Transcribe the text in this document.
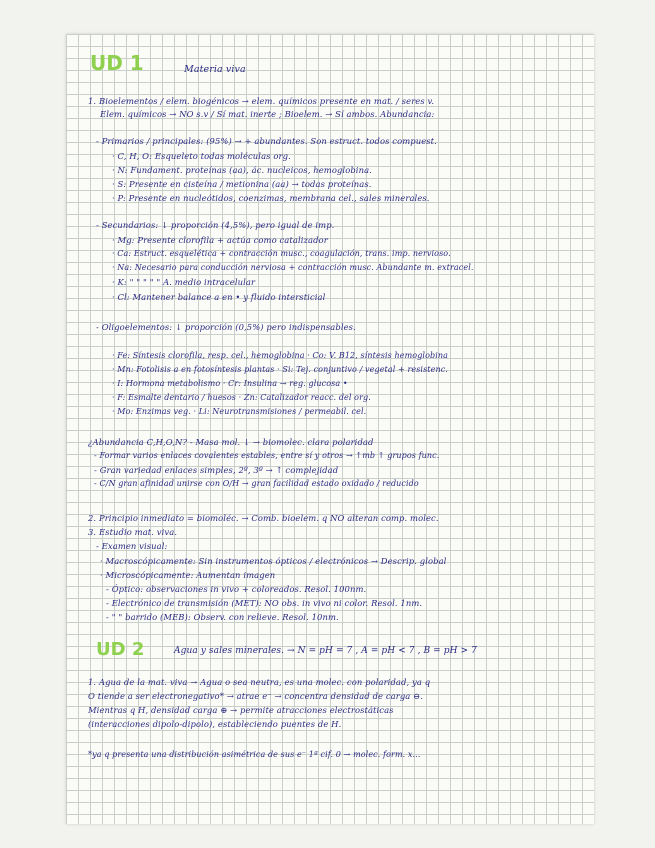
UD 1	Materia viva
1. Bioelementos / elem. biogénicos → elem. químicos presente en mat. / seres v.
Elem. químicos → NO s.v / Sí mat. inerte ; Bioelem. → Sí ambos. Abundancia:
- Primarios / principales: (95%) → + abundantes. Son estruct. todos compuest.
· C, H, O: Esqueleto todas moléculas org.
· N: Fundament. proteínas (aa), ác. nucleicos, hemoglobina.
· S: Presente en cisteína / metionina (aa) → todas proteínas.
· P: Presente en nucleótidos, coenzimas, membrana cel., sales minerales.
- Secundarios: ↓ proporción (4,5%), pero igual de imp.
· Mg: Presente clorofila + actúa como catalizador
· Ca: Estruct. esquelética + contracción musc., coagulación, trans. imp. nervioso.
· Na: Necesario para conducción nerviosa + contracción musc. Abundante m. extracel.
· K: " " " " " A. medio intracelular
· Cl: Mantener balance a en • y fluido intersticial
- Oligoelementos: ↓ proporción (0,5%) pero indispensables.
· Fe: Síntesis clorofila, resp. cel., hemoglobina · Co: V. B12, síntesis hemoglobina
· Mn: Fotolisis a en fotosíntesis plantas · Si: Tej. conjuntivo / vegetal + resistenc.
· I: Hormona metabolismo · Cr: Insulina → reg. glucosa •
· F: Esmalte dentario / huesos · Zn: Catalizador reacc. del org.
· Mo: Enzimas veg. · Li: Neurotransmisiones / permeabil. cel.
¿Abundancia C,H,O,N? - Masa mol. ↓ → biomolec. clara polaridad
- Formar varios enlaces covalentes estables, entre sí y otros → ↑mb ↑ grupos func.
- Gran variedad enlaces simples, 2º, 3º → ↑ complejidad
- C/N gran afinidad unirse con O/H → gran facilidad estado oxidado / reducido
2. Principio inmediato = biomoléc. → Comb. bioelem. q NO alteran comp. molec.
3. Estudio mat. viva.
- Examen visual:
· Macroscópicamente: Sin instrumentos ópticos / electrónicos → Descrip. global
· Microscópicamente: Aumentan imagen
- Óptico: observaciones in vivo + coloreados. Resol. 100nm.
- Electrónico de transmisión (MET): NO obs. in vivo ni color. Resol. 1nm.
- " " barrido (MEB): Observ. con relieve. Resol. 10nm.
UD 2	Agua y sales minerales. → N = pH = 7 , A = pH < 7 , B = pH > 7
1. Agua de la mat. viva → Agua o sea neutra, es una molec. con polaridad, ya q
O tiende a ser electronegativo* → atrae e⁻ → concentra densidad de carga ⊖.
Mientras q H, densidad carga ⊕ → permite atracciones electrostáticas
(interacciones dipolo-dipolo), estableciendo puentes de H.
*ya q presenta una distribución asimétrica de sus e⁻ 1ª cif. 0 → molec. form. x...
